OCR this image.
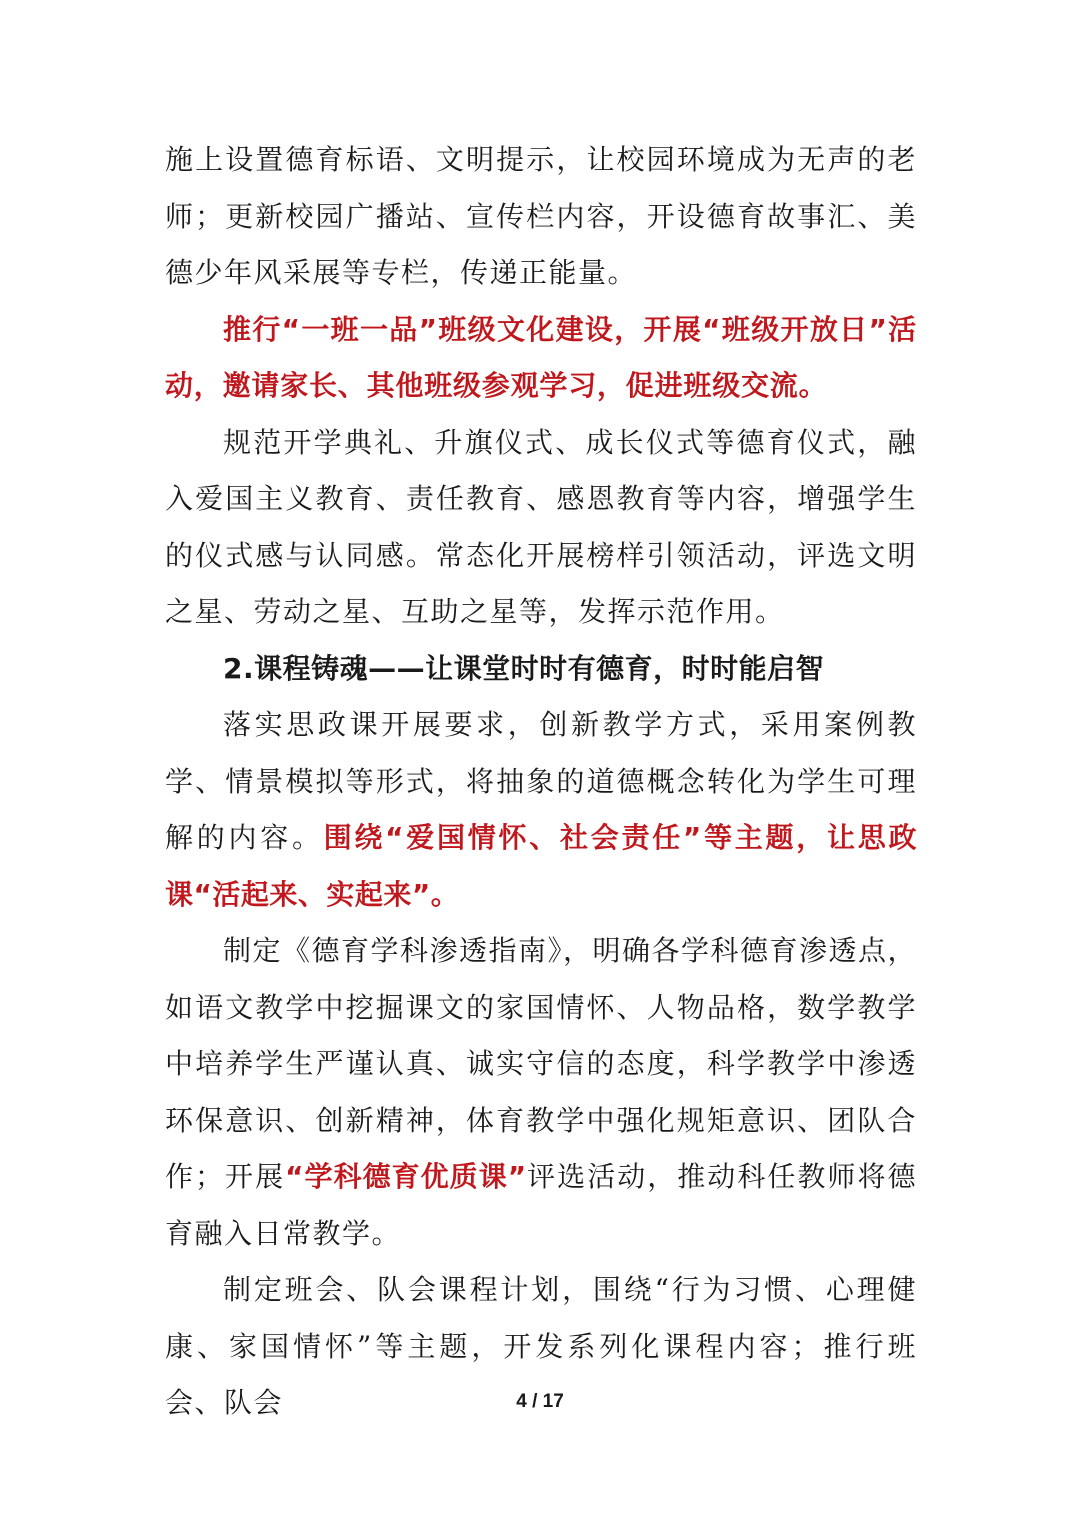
施上设置德育标语、文明提示，让校园环境成为无声的老师；更新校园广播站、宣传栏内容，开设德育故事汇、美德少年风采展等专栏，传递正能量。

推行“一班一品”班级文化建设，开展“班级开放日”活动，邀请家长、其他班级参观学习，促进班级交流。

规范开学典礼、升旗仪式、成长仪式等德育仪式，融入爱国主义教育、责任教育、感恩教育等内容，增强学生的仪式感与认同感。常态化开展榜样引领活动，评选文明之星、劳动之星、互助之星等，发挥示范作用。

2.课程铸魂——让课堂时时有德育，时时能启智

落实思政课开展要求，创新教学方式，采用案例教学、情景模拟等形式，将抽象的道德概念转化为学生可理解的内容。围绕“爱国情怀、社会责任”等主题，让思政课“活起来、实起来”。

制定《德育学科渗透指南》，明确各学科德育渗透点，如语文教学中挖掘课文的家国情怀、人物品格，数学教学中培养学生严谨认真、诚实守信的态度，科学教学中渗透环保意识、创新精神，体育教学中强化规矩意识、团队合作；开展“学科德育优质课”评选活动，推动科任教师将德育融入日常教学。

制定班会、队会课程计划，围绕“行为习惯、心理健康、家国情怀”等主题，开发系列化课程内容；推行班会、队会	4 / 17
